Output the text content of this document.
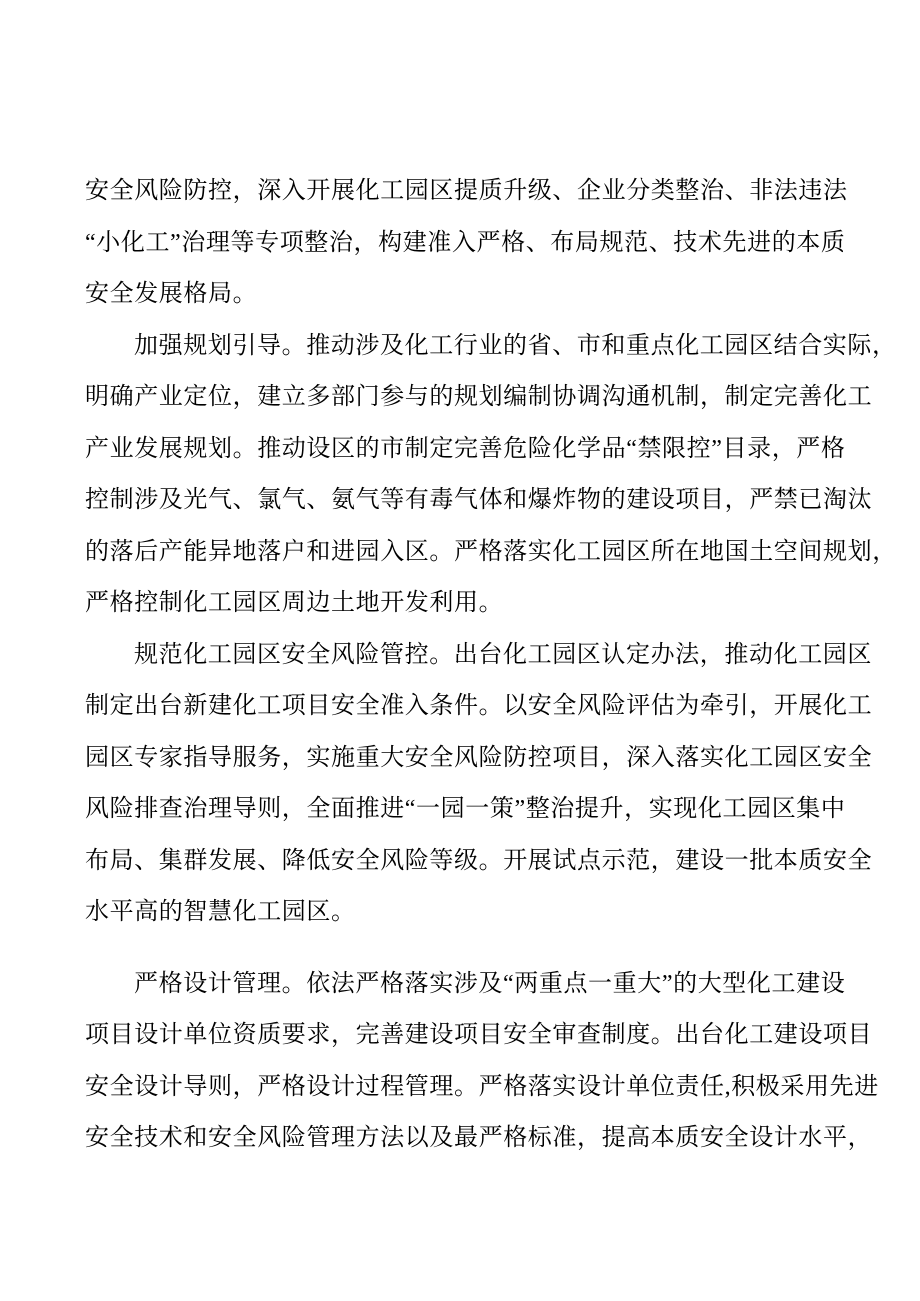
安全风险防控，深入开展化工园区提质升级、企业分类整治、非法违法
“小化工”治理等专项整治，构建准入严格、布局规范、技术先进的本质
安全发展格局。
加强规划引导。推动涉及化工行业的省、市和重点化工园区结合实际，
明确产业定位，建立多部门参与的规划编制协调沟通机制，制定完善化工
产业发展规划。推动设区的市制定完善危险化学品“禁限控”目录，严格
控制涉及光气、氯气、氨气等有毒气体和爆炸物的建设项目，严禁已淘汰
的落后产能异地落户和进园入区。严格落实化工园区所在地国土空间规划，
严格控制化工园区周边土地开发利用。
规范化工园区安全风险管控。出台化工园区认定办法，推动化工园区
制定出台新建化工项目安全准入条件。以安全风险评估为牵引，开展化工
园区专家指导服务，实施重大安全风险防控项目，深入落实化工园区安全
风险排查治理导则，全面推进“一园一策”整治提升，实现化工园区集中
布局、集群发展、降低安全风险等级。开展试点示范，建设一批本质安全
水平高的智慧化工园区。
严格设计管理。依法严格落实涉及“两重点一重大”的大型化工建设
项目设计单位资质要求，完善建设项目安全审查制度。出台化工建设项目
安全设计导则，严格设计过程管理。严格落实设计单位责任,积极采用先进
安全技术和安全风险管理方法以及最严格标准，提高本质安全设计水平，
